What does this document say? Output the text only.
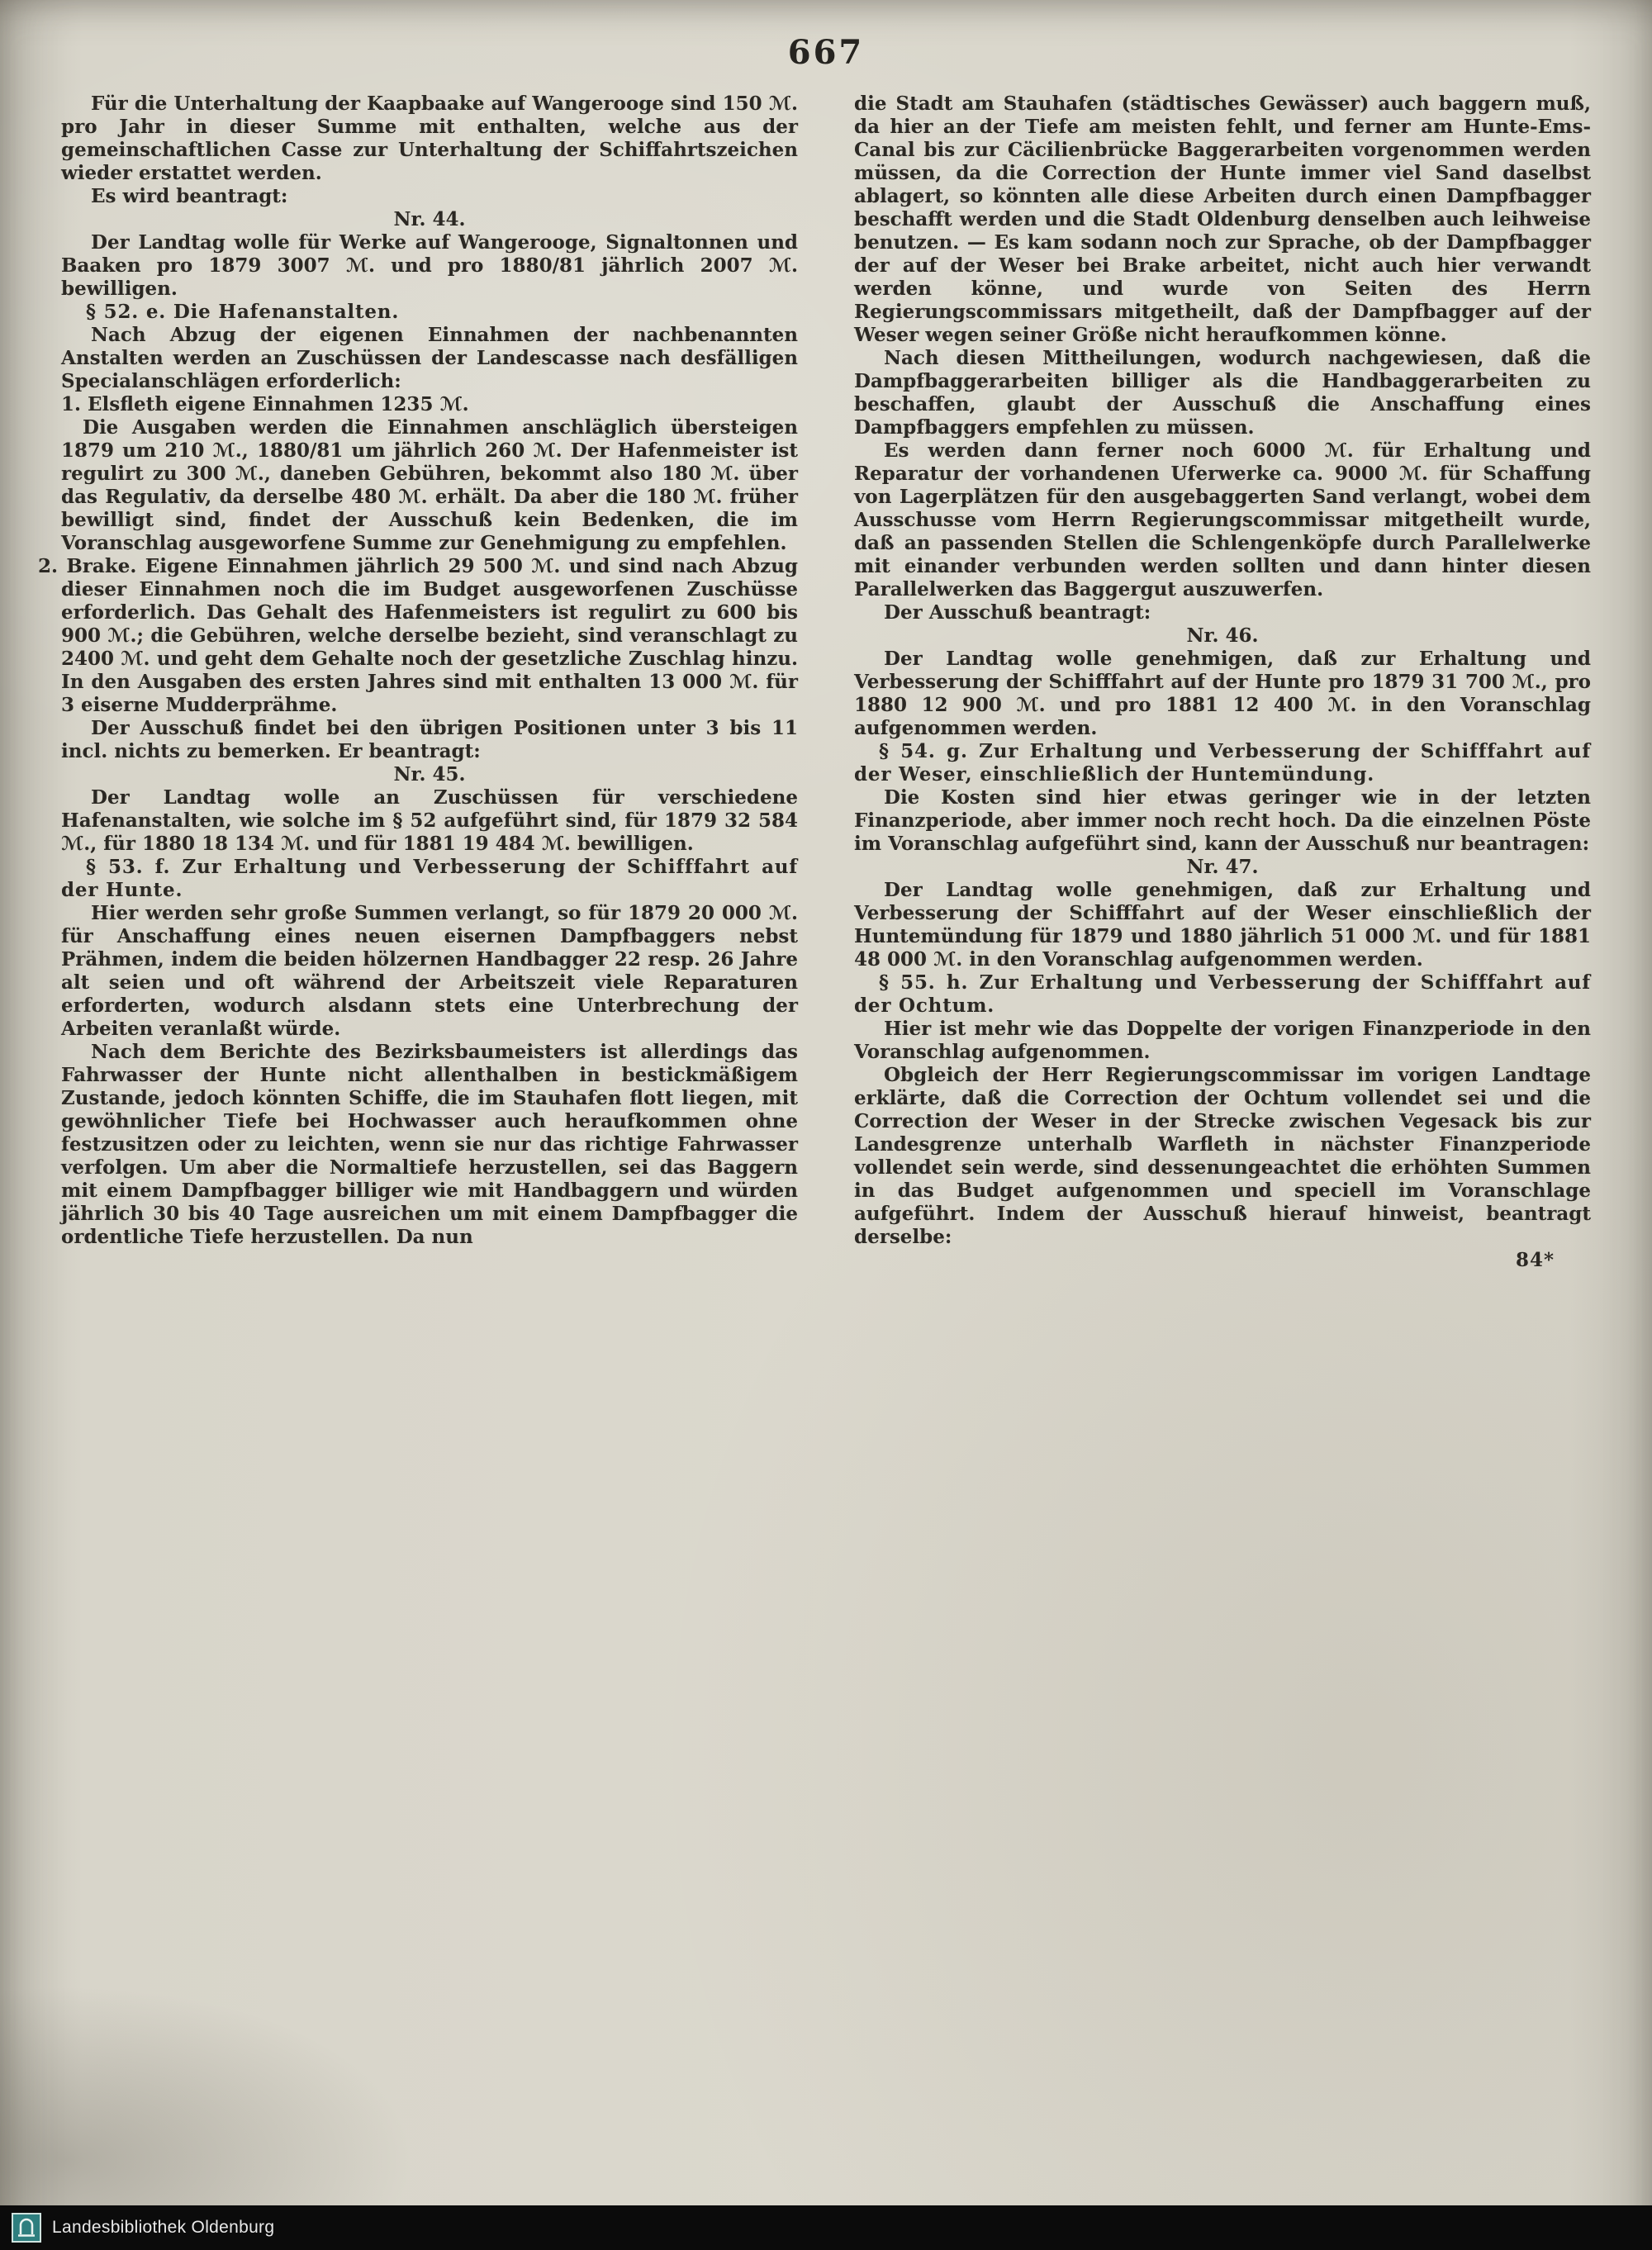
667

Für die Unterhaltung der Kaapbaake auf Wangerooge sind 150 ℳ. pro Jahr in dieser Summe mit enthalten, welche aus der gemeinschaftlichen Casse zur Unterhaltung der Schiffahrtszeichen wieder erstattet werden.

Es wird beantragt:

Nr. 44.

Der Landtag wolle für Werke auf Wangerooge, Signaltonnen und Baaken pro 1879 3007 ℳ. und pro 1880/81 jährlich 2007 ℳ. bewilligen.

§ 52. e. Die Hafenanstalten.

Nach Abzug der eigenen Einnahmen der nachbenannten Anstalten werden an Zuschüssen der Landescasse nach desfälligen Specialanschlägen erforderlich:

1. Elsfleth eigene Einnahmen 1235 ℳ.

Die Ausgaben werden die Einnahmen anschläglich übersteigen 1879 um 210 ℳ., 1880/81 um jährlich 260 ℳ. Der Hafenmeister ist regulirt zu 300 ℳ., daneben Gebühren, bekommt also 180 ℳ. über das Regulativ, da derselbe 480 ℳ. erhält. Da aber die 180 ℳ. früher bewilligt sind, findet der Ausschuß kein Bedenken, die im Voranschlag ausgeworfene Summe zur Genehmigung zu empfehlen.

2. Brake. Eigene Einnahmen jährlich 29 500 ℳ. und sind nach Abzug dieser Einnahmen noch die im Budget ausgeworfenen Zuschüsse erforderlich. Das Gehalt des Hafenmeisters ist regulirt zu 600 bis 900 ℳ.; die Gebühren, welche derselbe bezieht, sind veranschlagt zu 2400 ℳ. und geht dem Gehalte noch der gesetzliche Zuschlag hinzu. In den Ausgaben des ersten Jahres sind mit enthalten 13 000 ℳ. für 3 eiserne Mudderprähme.

Der Ausschuß findet bei den übrigen Positionen unter 3 bis 11 incl. nichts zu bemerken. Er beantragt:

Nr. 45.

Der Landtag wolle an Zuschüssen für verschiedene Hafenanstalten, wie solche im § 52 aufgeführt sind, für 1879 32 584 ℳ., für 1880 18 134 ℳ. und für 1881 19 484 ℳ. bewilligen.

§ 53. f. Zur Erhaltung und Verbesserung der Schifffahrt auf der Hunte.

Hier werden sehr große Summen verlangt, so für 1879 20 000 ℳ. für Anschaffung eines neuen eisernen Dampfbaggers nebst Prähmen, indem die beiden hölzernen Handbagger 22 resp. 26 Jahre alt seien und oft während der Arbeitszeit viele Reparaturen erforderten, wodurch alsdann stets eine Unterbrechung der Arbeiten veranlaßt würde.

Nach dem Berichte des Bezirksbaumeisters ist allerdings das Fahrwasser der Hunte nicht allenthalben in bestickmäßigem Zustande, jedoch könnten Schiffe, die im Stauhafen flott liegen, mit gewöhnlicher Tiefe bei Hochwasser auch heraufkommen ohne festzusitzen oder zu leichten, wenn sie nur das richtige Fahrwasser verfolgen. Um aber die Normaltiefe herzustellen, sei das Baggern mit einem Dampfbagger billiger wie mit Handbaggern und würden jährlich 30 bis 40 Tage ausreichen um mit einem Dampfbagger die ordentliche Tiefe herzustellen. Da nun

die Stadt am Stauhafen (städtisches Gewässer) auch baggern muß, da hier an der Tiefe am meisten fehlt, und ferner am Hunte-Ems-Canal bis zur Cäcilienbrücke Baggerarbeiten vorgenommen werden müssen, da die Correction der Hunte immer viel Sand daselbst ablagert, so könnten alle diese Arbeiten durch einen Dampfbagger beschafft werden und die Stadt Oldenburg denselben auch leihweise benutzen. — Es kam sodann noch zur Sprache, ob der Dampfbagger der auf der Weser bei Brake arbeitet, nicht auch hier verwandt werden könne, und wurde von Seiten des Herrn Regierungscommissars mitgetheilt, daß der Dampfbagger auf der Weser wegen seiner Größe nicht heraufkommen könne.

Nach diesen Mittheilungen, wodurch nachgewiesen, daß die Dampfbaggerarbeiten billiger als die Handbaggerarbeiten zu beschaffen, glaubt der Ausschuß die Anschaffung eines Dampfbaggers empfehlen zu müssen.

Es werden dann ferner noch 6000 ℳ. für Erhaltung und Reparatur der vorhandenen Uferwerke ca. 9000 ℳ. für Schaffung von Lagerplätzen für den ausgebaggerten Sand verlangt, wobei dem Ausschusse vom Herrn Regierungscommissar mitgetheilt wurde, daß an passenden Stellen die Schlengenköpfe durch Parallelwerke mit einander verbunden werden sollten und dann hinter diesen Parallelwerken das Baggergut auszuwerfen.

Der Ausschuß beantragt:

Nr. 46.

Der Landtag wolle genehmigen, daß zur Erhaltung und Verbesserung der Schifffahrt auf der Hunte pro 1879 31 700 ℳ., pro 1880 12 900 ℳ. und pro 1881 12 400 ℳ. in den Voranschlag aufgenommen werden.

§ 54. g. Zur Erhaltung und Verbesserung der Schifffahrt auf der Weser, einschließlich der Huntemündung.

Die Kosten sind hier etwas geringer wie in der letzten Finanzperiode, aber immer noch recht hoch. Da die einzelnen Pöste im Voranschlag aufgeführt sind, kann der Ausschuß nur beantragen:

Nr. 47.

Der Landtag wolle genehmigen, daß zur Erhaltung und Verbesserung der Schifffahrt auf der Weser einschließlich der Huntemündung für 1879 und 1880 jährlich 51 000 ℳ. und für 1881 48 000 ℳ. in den Voranschlag aufgenommen werden.

§ 55. h. Zur Erhaltung und Verbesserung der Schifffahrt auf der Ochtum.

Hier ist mehr wie das Doppelte der vorigen Finanzperiode in den Voranschlag aufgenommen.

Obgleich der Herr Regierungscommissar im vorigen Landtage erklärte, daß die Correction der Ochtum vollendet sei und die Correction der Weser in der Strecke zwischen Vegesack bis zur Landesgrenze unterhalb Warfleth in nächster Finanzperiode vollendet sein werde, sind dessenungeachtet die erhöhten Summen in das Budget aufgenommen und speciell im Voranschlage aufgeführt. Indem der Ausschuß hierauf hinweist, beantragt derselbe:

84*

Landesbibliothek Oldenburg
